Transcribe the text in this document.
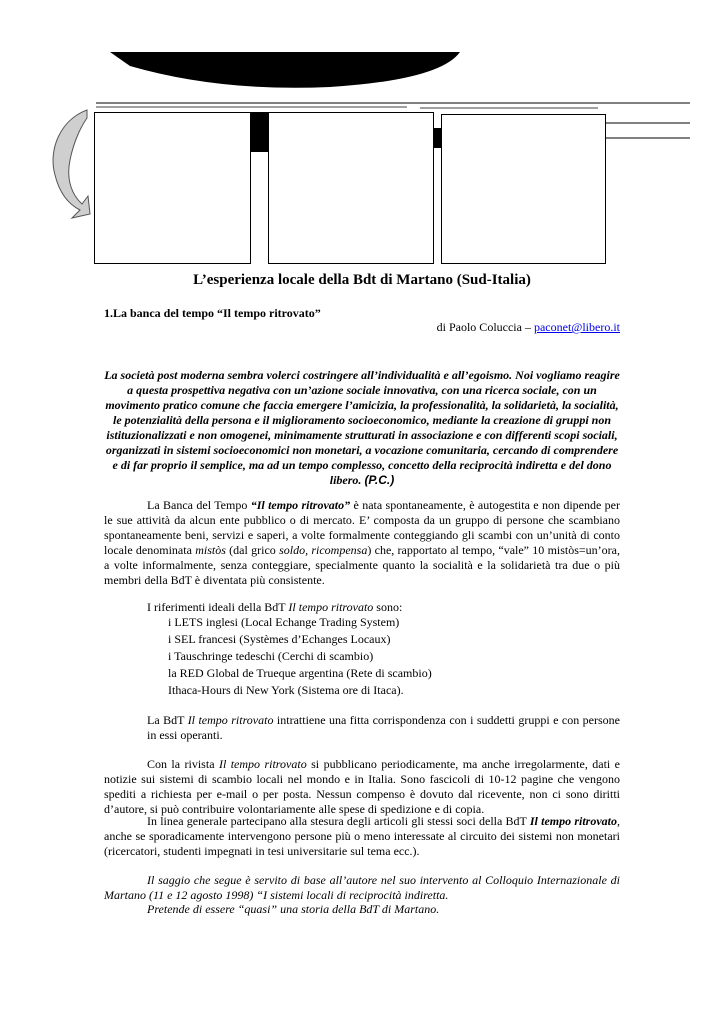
L’esperienza locale della Bdt di Martano (Sud-Italia)
1.La banca del tempo “Il tempo ritrovato”
di Paolo Coluccia – paconet@libero.it
La società post moderna sembra volerci costringere all’individualità e all’egoismo. Noi vogliamo reagire a questa prospettiva negativa con un’azione sociale innovativa, con una ricerca sociale, con un movimento pratico comune che faccia emergere l’amicizia, la professionalità, la solidarietà, la socialità, le potenzialità della persona e il miglioramento socioeconomico, mediante la creazione di gruppi non istituzionalizzati e non omogenei, minimamente strutturati in associazione e con differenti scopi sociali, organizzati in sistemi socioeconomici non monetari, a vocazione comunitaria, cercando di comprendere e di far proprio il semplice, ma ad un tempo complesso, concetto della reciprocità indiretta e del dono libero. (P.C.)
La Banca del Tempo “Il tempo ritrovato” è nata spontaneamente, è autogestita e non dipende per le sue attività da alcun ente pubblico o di mercato. E’ composta da un gruppo di persone che scambiano spontaneamente beni, servizi e saperi, a volte formalmente conteggiando gli scambi con un’unità di conto locale denominata mistòs (dal grico soldo, ricompensa) che, rapportato al tempo, “vale” 10 mistòs=un’ora, a volte informalmente, senza conteggiare, specialmente quanto la socialità e la solidarietà tra due o più membri della BdT è diventata più consistente.
I riferimenti ideali della BdT Il tempo ritrovato sono:
i LETS inglesi (Local Echange Trading System)
i SEL francesi (Systèmes d’Echanges Locaux)
i Tauschringe tedeschi (Cerchi di scambio)
la RED Global de Trueque argentina (Rete di scambio)
Ithaca-Hours di New York (Sistema ore di Itaca).
La BdT Il tempo ritrovato intrattiene una fitta corrispondenza con i suddetti gruppi e con persone in essi operanti.
Con la rivista Il tempo ritrovato si pubblicano periodicamente, ma anche irregolarmente, dati e notizie sui sistemi di scambio locali nel mondo e in Italia. Sono fascicoli di 10-12 pagine che vengono spediti a richiesta per e-mail o per posta. Nessun compenso è dovuto dal ricevente, non ci sono diritti d’autore, si può contribuire volontariamente alle spese di spedizione e di copia.
In linea generale partecipano alla stesura degli articoli gli stessi soci della BdT Il tempo ritrovato, anche se sporadicamente intervengono persone più o meno interessate al circuito dei sistemi non monetari (ricercatori, studenti impegnati in tesi universitarie sul tema ecc.).
Il saggio che segue è servito di base all’autore nel suo intervento al Colloquio Internazionale di Martano (11 e 12 agosto 1998) “I sistemi locali di reciprocità indiretta.
Pretende di essere “quasi” una storia della BdT di Martano.
